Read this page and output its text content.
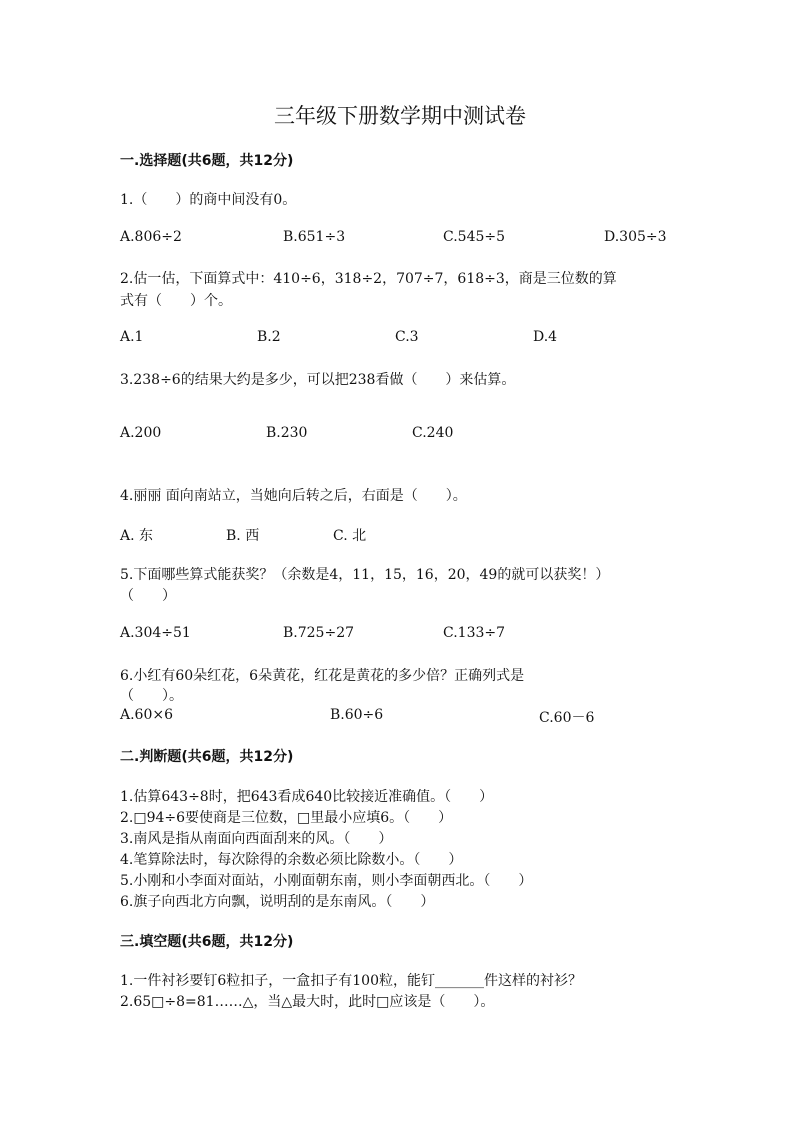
三年级下册数学期中测试卷
一.选择题(共6题，共12分)
1.（　　）的商中间没有0。
A.806÷2	B.651÷3	C.545÷5	D.305÷3
2.估一估，下面算式中：410÷6，318÷2，707÷7，618÷3，商是三位数的算
式有（　　）个。
A.1	B.2	C.3	D.4
3.238÷6的结果大约是多少，可以把238看做（　　）来估算。
A.200	B.230	C.240
4.丽丽 面向南站立，当她向后转之后，右面是（　　）。
A. 东	B. 西	C. 北
5.下面哪些算式能获奖？（余数是4，11，15，16，20，49的就可以获奖！）
（　　）
A.304÷51	B.725÷27	C.133÷7
6.小红有60朵红花，6朵黄花，红花是黄花的多少倍？正确列式是
（　　）。
A.60×6	B.60÷6	C.60－6
二.判断题(共6题，共12分)
1.估算643÷8时，把643看成640比较接近准确值。（　　）
2.□94÷6要使商是三位数，□里最小应填6。（　　）
3.南风是指从南面向西面刮来的风。（　　）
4.笔算除法时，每次除得的余数必须比除数小。（　　）
5.小刚和小李面对面站，小刚面朝东南，则小李面朝西北。（　　）
6.旗子向西北方向飘，说明刮的是东南风。（　　）
三.填空题(共6题，共12分)
1.一件衬衫要钉6粒扣子，一盒扣子有100粒，能钉_______件这样的衬衫？
2.65□÷8=81……△，当△最大时，此时□应该是（　　）。
